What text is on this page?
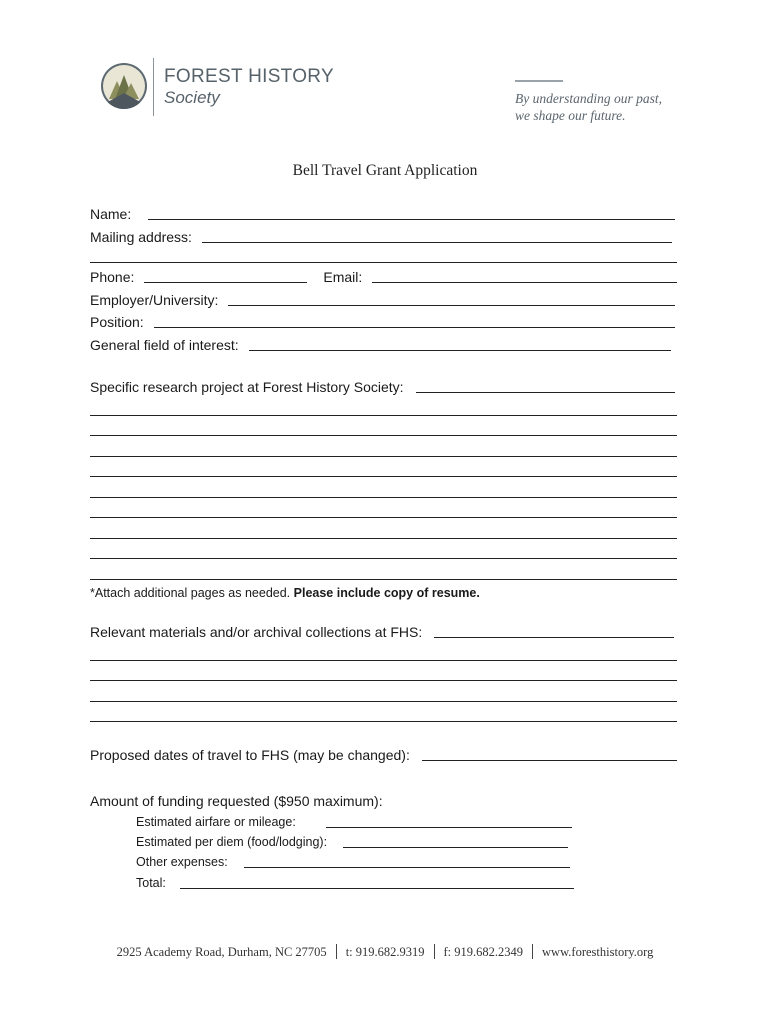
FOREST HISTORY
Society	By understanding our past,
we shape our future.
Bell Travel Grant Application
Name:
Mailing address:
Phone:	Email:
Employer/University:
Position:
General field of interest:
Specific research project at Forest History Society:
*Attach additional pages as needed. Please include copy of resume.
Relevant materials and/or archival collections at FHS:
Proposed dates of travel to FHS (may be changed):
Amount of funding requested ($950 maximum):
Estimated airfare or mileage:
Estimated per diem (food/lodging):
Other expenses:
Total:
2925 Academy Road, Durham, NC 27705 t: 919.682.9319 f: 919.682.2349 www.foresthistory.org
